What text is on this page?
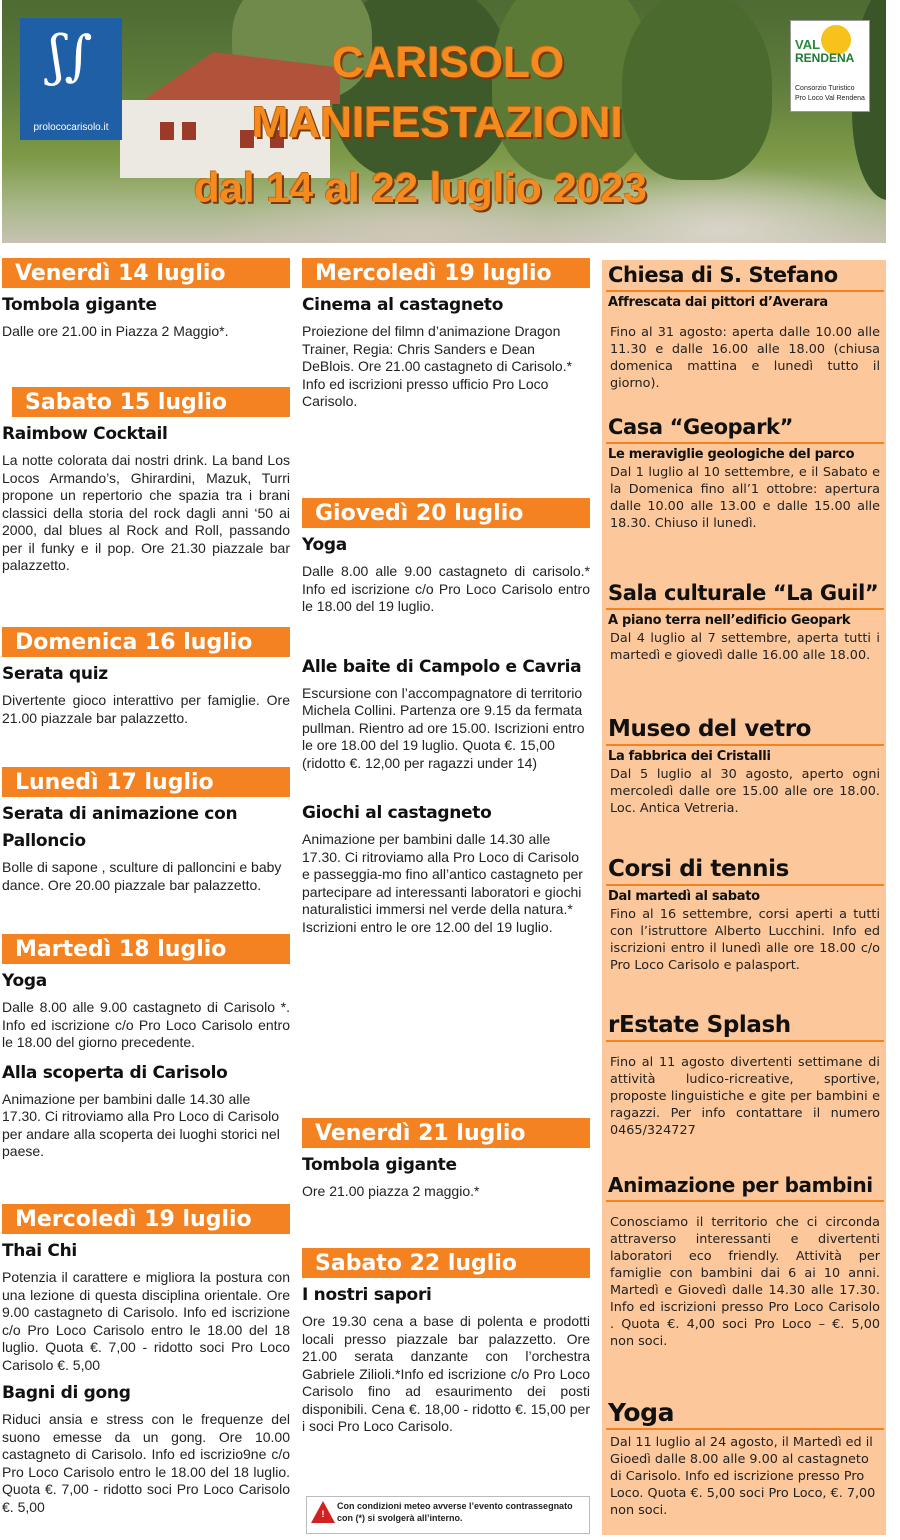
ʃ∫
prolococarisolo.it
VAL
RENDENA
Consorzio Turistico
Pro Loco Val Rendena
CARISOLO
MANIFESTAZIONI
dal 14 al 22 luglio 2023
Venerdì 14 luglio
Tombola gigante

Dalle ore 21.00 in Piazza 2 Maggio*.

Sabato 15 luglio
Raimbow Cocktail

La notte colorata dai nostri drink. La band Los Locos Armando’s, Ghirardini, Mazuk, Turri propone un repertorio che spazia tra i brani classici della storia del rock dagli anni ‘50 ai 2000, dal blues al Rock and Roll, passando per il funky e il pop. Ore 21.30 piazzale bar palazzetto.

Domenica 16 luglio
Serata quiz

Divertente gioco interattivo per famiglie. Ore 21.00 piazzale bar palazzetto.

Lunedì 17 luglio
Serata di animazione con Palloncio

Bolle di sapone , sculture di palloncini e baby dance. Ore 20.00 piazzale bar palazzetto.

Martedì 18 luglio
Yoga

Dalle 8.00 alle 9.00 castagneto di Carisolo *. Info ed iscrizione c/o Pro Loco Carisolo entro le 18.00 del giorno precedente.

Alla scoperta di Carisolo

Animazione per bambini dalle 14.30 alle 17.30. Ci ritroviamo alla Pro Loco di Carisolo per andare alla scoperta dei luoghi storici nel paese.

Mercoledì 19 luglio
Thai Chi

Potenzia il carattere e migliora la postura con una lezione di questa disciplina orientale. Ore 9.00 castagneto di Carisolo. Info ed iscrizione c/o Pro Loco Carisolo entro le 18.00 del 18 luglio. Quota €. 7,00 - ridotto soci Pro Loco Carisolo €. 5,00

Bagni di gong

Riduci ansia e stress con le frequenze del suono emesse da un gong. Ore 10.00 castagneto di Carisolo. Info ed iscrizio9ne c/o Pro Loco Carisolo entro le 18.00 del 18 luglio. Quota €. 7,00 - ridotto soci Pro Loco Carisolo €. 5,00

Mercoledì 19 luglio
Cinema al castagneto

Proiezione del filmn d’animazione Dragon Trainer, Regia: Chris Sanders e Dean DeBlois. Ore 21.00 castagneto di Carisolo.* Info ed iscrizioni presso ufficio Pro Loco Carisolo.

Giovedì 20 luglio
Yoga

Dalle 8.00 alle 9.00 castagneto di carisolo.* Info ed iscrizione c/o Pro Loco Carisolo entro le 18.00 del 19 luglio.

Alle baite di Campolo e Cavria

Escursione con l’accompagnatore di territorio Michela Collini. Partenza ore 9.15 da fermata pullman. Rientro ad ore 15.00. Iscrizioni entro le ore 18.00 del 19 luglio. Quota €. 15,00 (ridotto €. 12,00 per ragazzi under 14)

Giochi al castagneto

Animazione per bambini dalle 14.30 alle 17.30. Ci ritroviamo alla Pro Loco di Carisolo e passeggia-mo fino all’antico castagneto per partecipare ad interessanti laboratori e giochi naturalistici immersi nel verde della natura.* Iscrizioni entro le ore 12.00 del 19 luglio.

Venerdì 21 luglio
Tombola gigante

Ore 21.00 piazza 2 maggio.*

Sabato 22 luglio
I nostri sapori

Ore 19.30 cena a base di polenta e prodotti locali presso piazzale bar palazzetto. Ore 21.00 serata danzante con l’orchestra Gabriele Zilioli.*Info ed iscrizione c/o Pro Loco Carisolo fino ad esaurimento dei posti disponibili. Cena €. 18,00 - ridotto €. 15,00 per i soci Pro Loco Carisolo.

!
Con condizioni meteo avverse l’evento contrassegnato con (*) si svolgerà all’interno.
Chiesa di S. Stefano
Affrescata dai pittori d’Averara

Fino al 31 agosto: aperta dalle 10.00 alle 11.30 e dalle 16.00 alle 18.00 (chiusa domenica mattina e lunedì tutto il giorno).

Casa “Geopark”
Le meraviglie geologiche del parco

Dal 1 luglio al 10 settembre, e il Sabato e la Domenica fino all’1 ottobre: apertura dalle 10.00 alle 13.00 e dalle 15.00 alle 18.30. Chiuso il lunedì.

Sala culturale “La Guil”
A piano terra nell’edificio Geopark

Dal 4 luglio al 7 settembre, aperta tutti i martedì e giovedì dalle 16.00 alle 18.00.

Museo del vetro
La fabbrica dei Cristalli

Dal 5 luglio al 30 agosto, aperto ogni mercoledì dalle ore 15.00 alle ore 18.00. Loc. Antica Vetreria.

Corsi di tennis
Dal martedì al sabato

Fino al 16 settembre, corsi aperti a tutti con l’istruttore Alberto Lucchini. Info ed iscrizioni entro il lunedì alle ore 18.00 c/o Pro Loco Carisolo e palasport.

rEstate Splash

Fino al 11 agosto divertenti settimane di attività ludico-ricreative, sportive, proposte linguistiche e gite per bambini e ragazzi. Per info contattare il numero 0465/324727

Animazione per bambini

Conosciamo il territorio che ci circonda attraverso interessanti e divertenti laboratori eco friendly. Attività per famiglie con bambini dai 6 ai 10 anni. Martedì e Giovedì dalle 14.30 alle 17.30. Info ed iscrizioni presso Pro Loco Carisolo . Quota €. 4,00 soci Pro Loco – €. 5,00 non soci.

Yoga

Dal 11 luglio al 24 agosto, il Martedì ed il Gioedì dalle 8.00 alle 9.00 al castagneto di Carisolo. Info ed iscrizione presso Pro Loco. Quota €. 5,00 soci Pro Loco, €. 7,00 non soci.
